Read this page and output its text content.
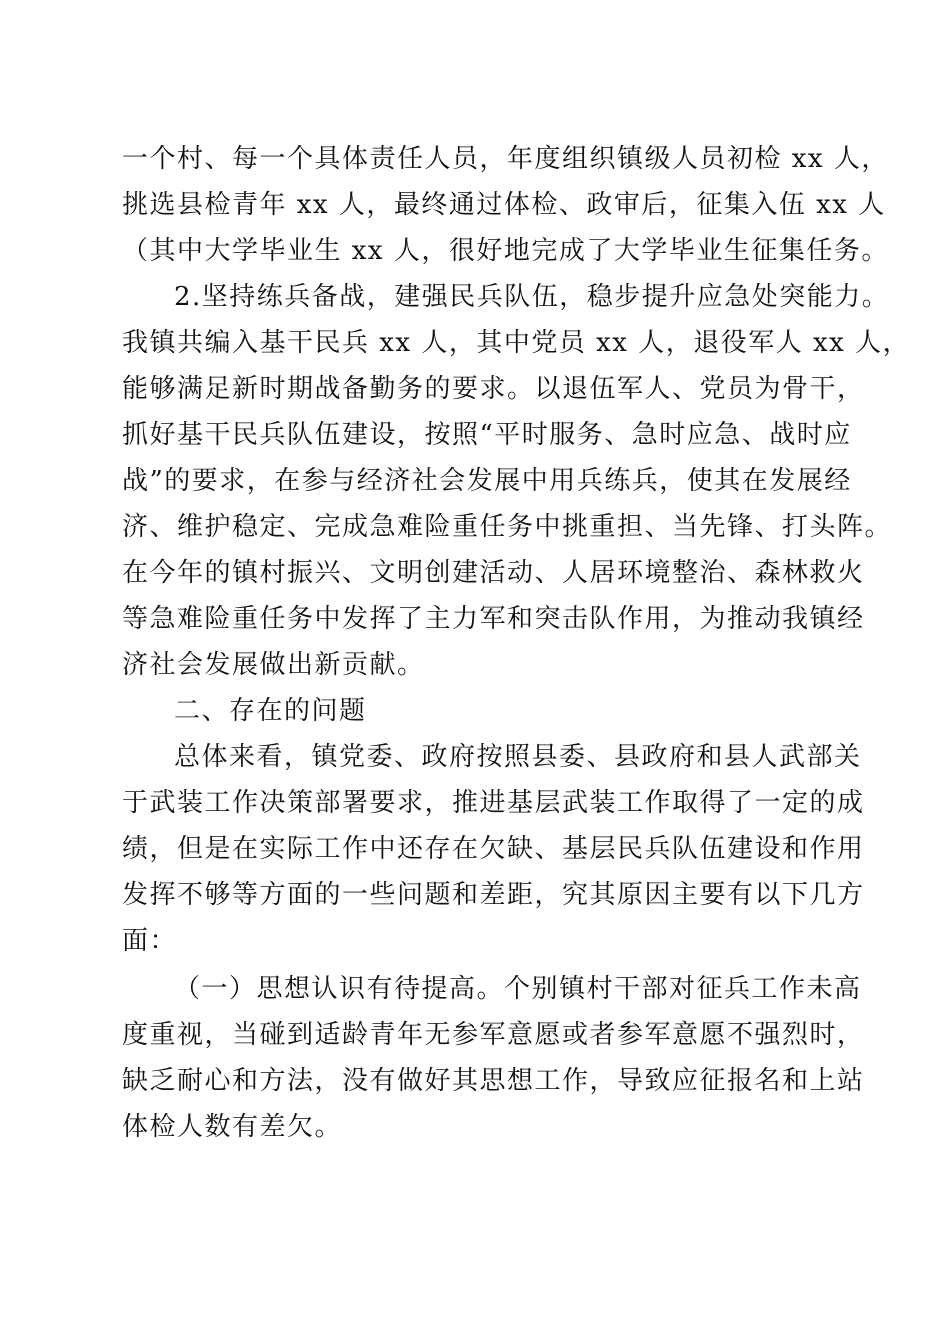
一个村、每一个具体责任人员，年度组织镇级人员初检 xx 人，
挑选县检青年 xx 人，最终通过体检、政审后，征集入伍 xx 人
（其中大学毕业生 xx 人，很好地完成了大学毕业生征集任务。
2.坚持练兵备战，建强民兵队伍，稳步提升应急处突能力。
我镇共编入基干民兵 xx 人，其中党员 xx 人，退役军人 xx 人，
能够满足新时期战备勤务的要求。以退伍军人、党员为骨干，
抓好基干民兵队伍建设，按照“平时服务、急时应急、战时应
战”的要求，在参与经济社会发展中用兵练兵，使其在发展经
济、维护稳定、完成急难险重任务中挑重担、当先锋、打头阵。
在今年的镇村振兴、文明创建活动、人居环境整治、森林救火
等急难险重任务中发挥了主力军和突击队作用，为推动我镇经
济社会发展做出新贡献。
二、存在的问题
总体来看，镇党委、政府按照县委、县政府和县人武部关
于武装工作决策部署要求，推进基层武装工作取得了一定的成
绩，但是在实际工作中还存在欠缺、基层民兵队伍建设和作用
发挥不够等方面的一些问题和差距，究其原因主要有以下几方
面：
（一）思想认识有待提高。个别镇村干部对征兵工作未高
度重视，当碰到适龄青年无参军意愿或者参军意愿不强烈时，
缺乏耐心和方法，没有做好其思想工作，导致应征报名和上站
体检人数有差欠。
